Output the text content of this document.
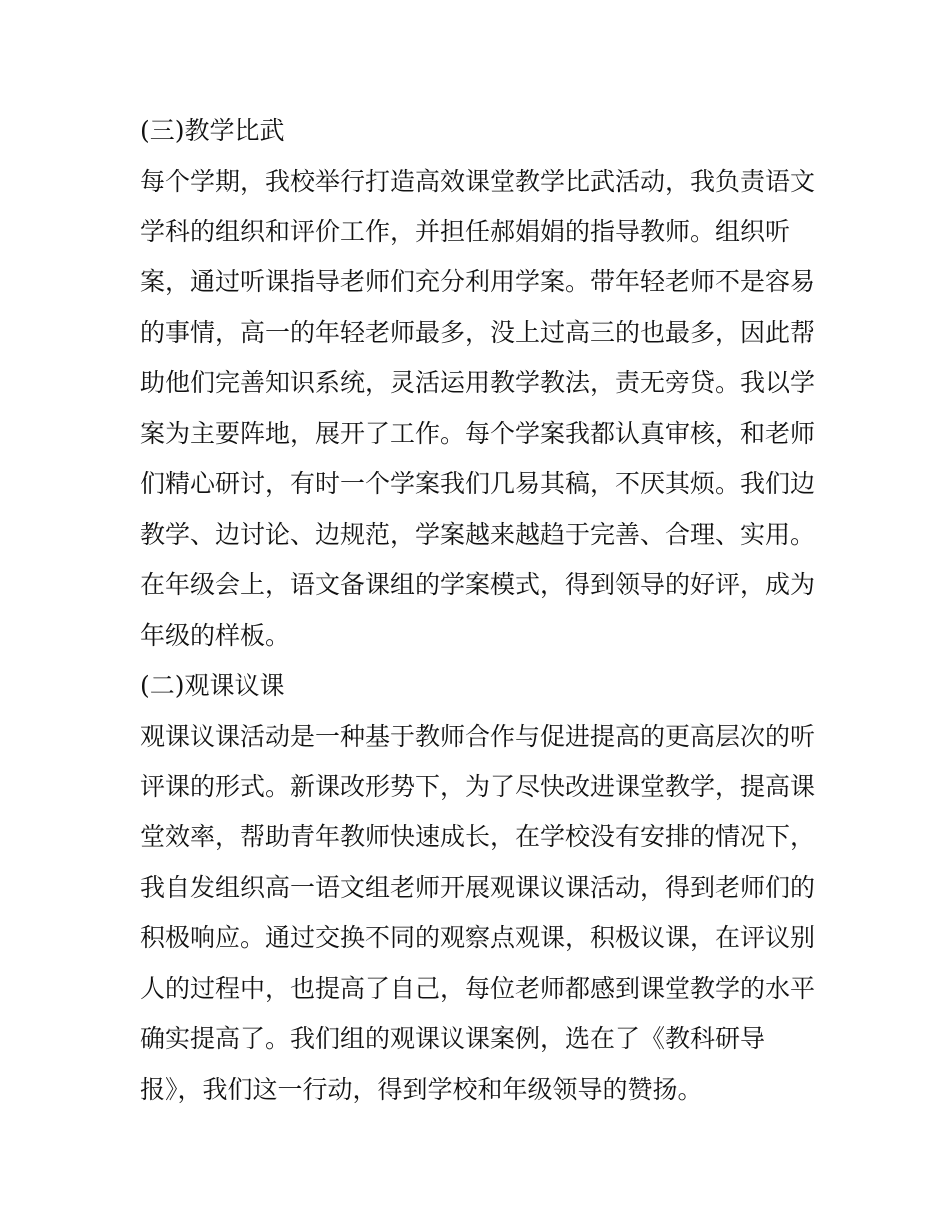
(三)教学比武

每个学期，我校举行打造高效课堂教学比武活动，我负责语文

学科的组织和评价工作，并担任郝娟娟的指导教师。组织听

案，通过听课指导老师们充分利用学案。带年轻老师不是容易

的事情，高一的年轻老师最多，没上过高三的也最多，因此帮

助他们完善知识系统，灵活运用教学教法，责无旁贷。我以学

案为主要阵地，展开了工作。每个学案我都认真审核，和老师

们精心研讨，有时一个学案我们几易其稿，不厌其烦。我们边

教学、边讨论、边规范，学案越来越趋于完善、合理、实用。

在年级会上，语文备课组的学案模式，得到领导的好评，成为

年级的样板。

(二)观课议课

观课议课活动是一种基于教师合作与促进提高的更高层次的听

评课的形式。新课改形势下，为了尽快改进课堂教学，提高课

堂效率，帮助青年教师快速成长，在学校没有安排的情况下，

我自发组织高一语文组老师开展观课议课活动，得到老师们的

积极响应。通过交换不同的观察点观课，积极议课，在评议别

人的过程中，也提高了自己，每位老师都感到课堂教学的水平

确实提高了。我们组的观课议课案例，选在了《教科研导

报》，我们这一行动，得到学校和年级领导的赞扬。
